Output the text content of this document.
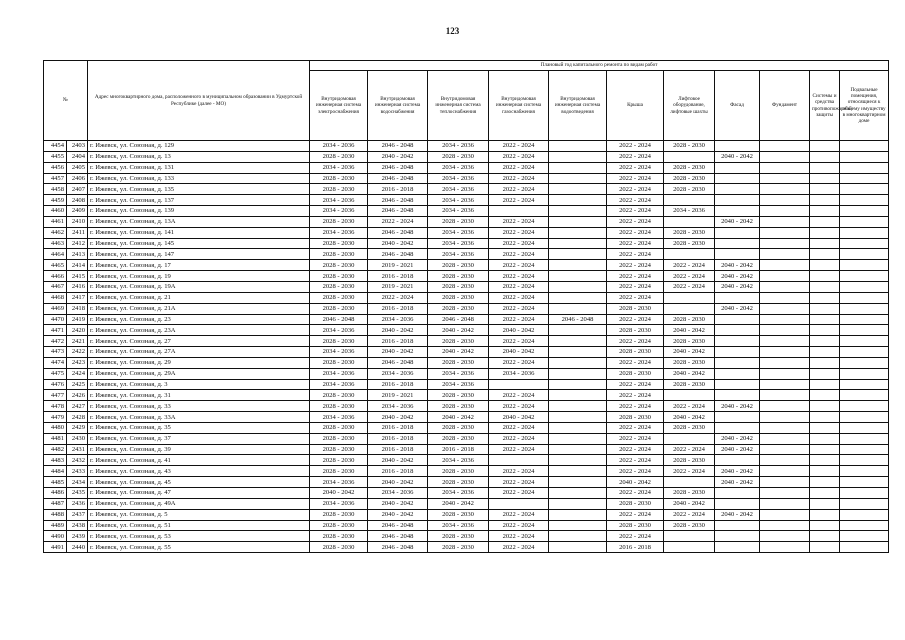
123
№		Адрес многоквартирного дома, расположенного в муниципальном образовании в Удмуртской Республике (далее - МО)	Плановый год капитального ремонта по видам работ										
			Внутридомовая инженерная система электроснабжения	Внутридомовая инженерная система водоснабжения	Внутридомовая инженерная система теплоснабжения	Внутридомовая инженерная система газоснабжения	Внутридомовая инженерная система водоотведения	Крыша	Лифтовое оборудование, лифтовые шахты	Фасад	Фундамент	Системы и средства противопожарной защиты	Подвальные помещения, относящиеся к общему имуществу в многоквартирном доме
4454	2403	г. Ижевск, ул. Союзная, д. 129	2034 - 2036	2046 - 2048	2034 - 2036	2022 - 2024		2022 - 2024	2028 - 2030				
4455	2404	г. Ижевск, ул. Союзная, д. 13	2028 - 2030	2040 - 2042	2028 - 2030	2022 - 2024		2022 - 2024		2040 - 2042			
4456	2405	г. Ижевск, ул. Союзная, д. 131	2034 - 2036	2046 - 2048	2034 - 2036	2022 - 2024		2022 - 2024	2028 - 2030				
4457	2406	г. Ижевск, ул. Союзная, д. 133	2028 - 2030	2046 - 2048	2034 - 2036	2022 - 2024		2022 - 2024	2028 - 2030				
4458	2407	г. Ижевск, ул. Союзная, д. 135	2028 - 2030	2016 - 2018	2034 - 2036	2022 - 2024		2022 - 2024	2028 - 2030				
4459	2408	г. Ижевск, ул. Союзная, д. 137	2034 - 2036	2046 - 2048	2034 - 2036	2022 - 2024		2022 - 2024					
4460	2409	г. Ижевск, ул. Союзная, д. 139	2034 - 2036	2046 - 2048	2034 - 2036			2022 - 2024	2034 - 2036				
4461	2410	г. Ижевск, ул. Союзная, д. 13А	2028 - 2030	2022 - 2024	2028 - 2030	2022 - 2024		2022 - 2024		2040 - 2042			
4462	2411	г. Ижевск, ул. Союзная, д. 141	2034 - 2036	2046 - 2048	2034 - 2036	2022 - 2024		2022 - 2024	2028 - 2030				
4463	2412	г. Ижевск, ул. Союзная, д. 145	2028 - 2030	2040 - 2042	2034 - 2036	2022 - 2024		2022 - 2024	2028 - 2030				
4464	2413	г. Ижевск, ул. Союзная, д. 147	2028 - 2030	2046 - 2048	2034 - 2036	2022 - 2024		2022 - 2024					
4465	2414	г. Ижевск, ул. Союзная, д. 17	2028 - 2030	2019 - 2021	2028 - 2030	2022 - 2024		2022 - 2024	2022 - 2024	2040 - 2042			
4466	2415	г. Ижевск, ул. Союзная, д. 19	2028 - 2030	2016 - 2018	2028 - 2030	2022 - 2024		2022 - 2024	2022 - 2024	2040 - 2042			
4467	2416	г. Ижевск, ул. Союзная, д. 19А	2028 - 2030	2019 - 2021	2028 - 2030	2022 - 2024		2022 - 2024	2022 - 2024	2040 - 2042			
4468	2417	г. Ижевск, ул. Союзная, д. 21	2028 - 2030	2022 - 2024	2028 - 2030	2022 - 2024		2022 - 2024					
4469	2418	г. Ижевск, ул. Союзная, д. 21А	2028 - 2030	2016 - 2018	2028 - 2030	2022 - 2024		2028 - 2030		2040 - 2042			
4470	2419	г. Ижевск, ул. Союзная, д. 23	2046 - 2048	2034 - 2036	2046 - 2048	2022 - 2024	2046 - 2048	2022 - 2024	2028 - 2030				
4471	2420	г. Ижевск, ул. Союзная, д. 23А	2034 - 2036	2040 - 2042	2040 - 2042	2040 - 2042		2028 - 2030	2040 - 2042				
4472	2421	г. Ижевск, ул. Союзная, д. 27	2028 - 2030	2016 - 2018	2028 - 2030	2022 - 2024		2022 - 2024	2028 - 2030				
4473	2422	г. Ижевск, ул. Союзная, д. 27А	2034 - 2036	2040 - 2042	2040 - 2042	2040 - 2042		2028 - 2030	2040 - 2042				
4474	2423	г. Ижевск, ул. Союзная, д. 29	2028 - 2030	2046 - 2048	2028 - 2030	2022 - 2024		2022 - 2024	2028 - 2030				
4475	2424	г. Ижевск, ул. Союзная, д. 29А	2034 - 2036	2034 - 2036	2034 - 2036	2034 - 2036		2028 - 2030	2040 - 2042				
4476	2425	г. Ижевск, ул. Союзная, д. 3	2034 - 2036	2016 - 2018	2034 - 2036			2022 - 2024	2028 - 2030				
4477	2426	г. Ижевск, ул. Союзная, д. 31	2028 - 2030	2019 - 2021	2028 - 2030	2022 - 2024		2022 - 2024					
4478	2427	г. Ижевск, ул. Союзная, д. 33	2028 - 2030	2034 - 2036	2028 - 2030	2022 - 2024		2022 - 2024	2022 - 2024	2040 - 2042			
4479	2428	г. Ижевск, ул. Союзная, д. 33А	2034 - 2036	2040 - 2042	2040 - 2042	2040 - 2042		2028 - 2030	2040 - 2042				
4480	2429	г. Ижевск, ул. Союзная, д. 35	2028 - 2030	2016 - 2018	2028 - 2030	2022 - 2024		2022 - 2024	2028 - 2030				
4481	2430	г. Ижевск, ул. Союзная, д. 37	2028 - 2030	2016 - 2018	2028 - 2030	2022 - 2024		2022 - 2024		2040 - 2042			
4482	2431	г. Ижевск, ул. Союзная, д. 39	2028 - 2030	2016 - 2018	2016 - 2018	2022 - 2024		2022 - 2024	2022 - 2024	2040 - 2042			
4483	2432	г. Ижевск, ул. Союзная, д. 41	2028 - 2030	2040 - 2042	2034 - 2036			2022 - 2024	2028 - 2030				
4484	2433	г. Ижевск, ул. Союзная, д. 43	2028 - 2030	2016 - 2018	2028 - 2030	2022 - 2024		2022 - 2024	2022 - 2024	2040 - 2042			
4485	2434	г. Ижевск, ул. Союзная, д. 45	2034 - 2036	2040 - 2042	2028 - 2030	2022 - 2024		2040 - 2042		2040 - 2042			
4486	2435	г. Ижевск, ул. Союзная, д. 47	2040 - 2042	2034 - 2036	2034 - 2036	2022 - 2024		2022 - 2024	2028 - 2030				
4487	2436	г. Ижевск, ул. Союзная, д. 49А	2034 - 2036	2040 - 2042	2040 - 2042			2028 - 2030	2040 - 2042				
4488	2437	г. Ижевск, ул. Союзная, д. 5	2028 - 2030	2040 - 2042	2028 - 2030	2022 - 2024		2022 - 2024	2022 - 2024	2040 - 2042			
4489	2438	г. Ижевск, ул. Союзная, д. 51	2028 - 2030	2046 - 2048	2034 - 2036	2022 - 2024		2028 - 2030	2028 - 2030				
4490	2439	г. Ижевск, ул. Союзная, д. 53	2028 - 2030	2046 - 2048	2028 - 2030	2022 - 2024		2022 - 2024					
4491	2440	г. Ижевск, ул. Союзная, д. 55	2028 - 2030	2046 - 2048	2028 - 2030	2022 - 2024		2016 - 2018					
